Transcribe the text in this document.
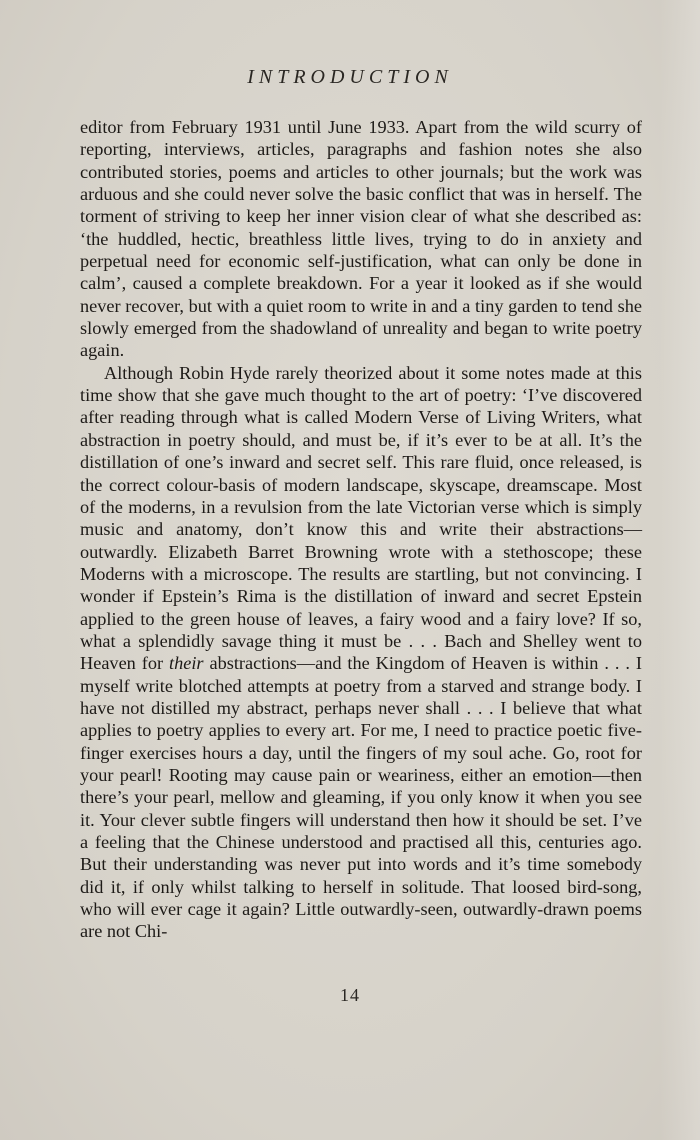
INTRODUCTION

editor from February 1931 until June 1933. Apart from the wild scurry of reporting, interviews, articles, paragraphs and fashion notes she also contributed stories, poems and articles to other journals; but the work was arduous and she could never solve the basic conflict that was in herself. The torment of striving to keep her inner vision clear of what she described as: ‘the huddled, hectic, breathless little lives, trying to do in anxiety and perpetual need for economic self-justification, what can only be done in calm’, caused a complete breakdown. For a year it looked as if she would never recover, but with a quiet room to write in and a tiny garden to tend she slowly emerged from the shadowland of unreality and began to write poetry again.

Although Robin Hyde rarely theorized about it some notes made at this time show that she gave much thought to the art of poetry: ‘I’ve discovered after reading through what is called Modern Verse of Living Writers, what abstraction in poetry should, and must be, if it’s ever to be at all. It’s the distillation of one’s inward and secret self. This rare fluid, once released, is the correct colour-basis of modern landscape, skyscape, dreamscape. Most of the moderns, in a revulsion from the late Victorian verse which is simply music and anatomy, don’t know this and write their abstractions—outwardly. Elizabeth Barret Browning wrote with a stethoscope; these Moderns with a microscope. The results are startling, but not convincing. I wonder if Epstein’s Rima is the distillation of inward and secret Epstein applied to the green house of leaves, a fairy wood and a fairy love? If so, what a splendidly savage thing it must be . . . Bach and Shelley went to Heaven for their abstractions—and the Kingdom of Heaven is within . . . I myself write blotched attempts at poetry from a starved and strange body. I have not distilled my abstract, perhaps never shall . . . I believe that what applies to poetry applies to every art. For me, I need to practice poetic five-finger exercises hours a day, until the fingers of my soul ache. Go, root for your pearl! Rooting may cause pain or weariness, either an emotion—then there’s your pearl, mellow and gleaming, if you only know it when you see it. Your clever subtle fingers will understand then how it should be set. I’ve a feeling that the Chinese understood and practised all this, centuries ago. But their understanding was never put into words and it’s time somebody did it, if only whilst talking to herself in solitude. That loosed bird-song, who will ever cage it again? Little outwardly-seen, outwardly-drawn poems are not Chi-

14
